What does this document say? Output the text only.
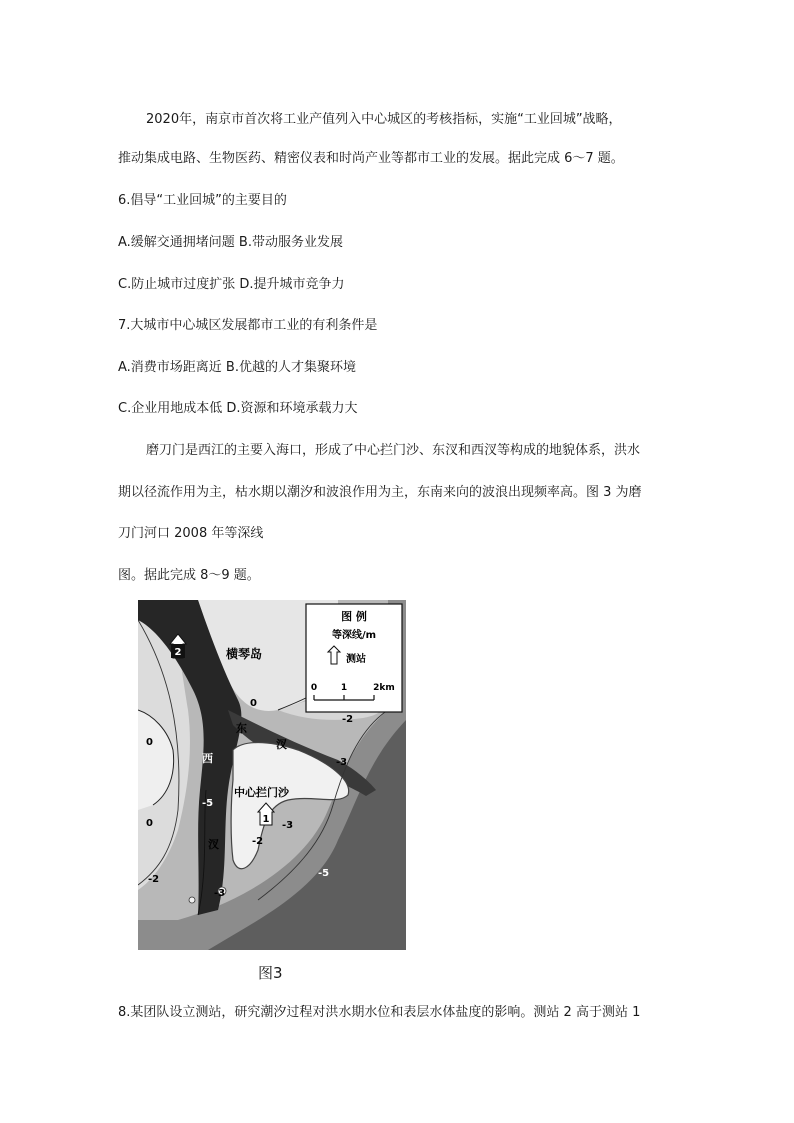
2020年，南京市首次将工业产值列入中心城区的考核指标，实施“工业回城”战略，
推动集成电路、生物医药、精密仪表和时尚产业等都市工业的发展。据此完成 6～7 题。
6.倡导“工业回城”的主要目的
A.缓解交通拥堵问题 B.带动服务业发展
C.防止城市过度扩张 D.提升城市竞争力
7.大城市中心城区发展都市工业的有利条件是
A.消费市场距离近 B.优越的人才集聚环境
C.企业用地成本低 D.资源和环境承载力大
磨刀门是西江的主要入海口，形成了中心拦门沙、东汊和西汊等构成的地貌体系，洪水
期以径流作用为主，枯水期以潮汐和波浪作用为主，东南来向的波浪出现频率高。图 3 为磨
刀门河口 2008 年等深线
图。据此完成 8～9 题。
图 例
等深线/m
测站
0	1	2km
2
1
横琴岛
东
汊
西
汊
中心拦门沙
0
0
0
-2
-2
-2
-3
-3
-3
-5
-5
图3
8.某团队设立测站，研究潮汐过程对洪水期水位和表层水体盐度的影响。测站 2 高于测站 1
